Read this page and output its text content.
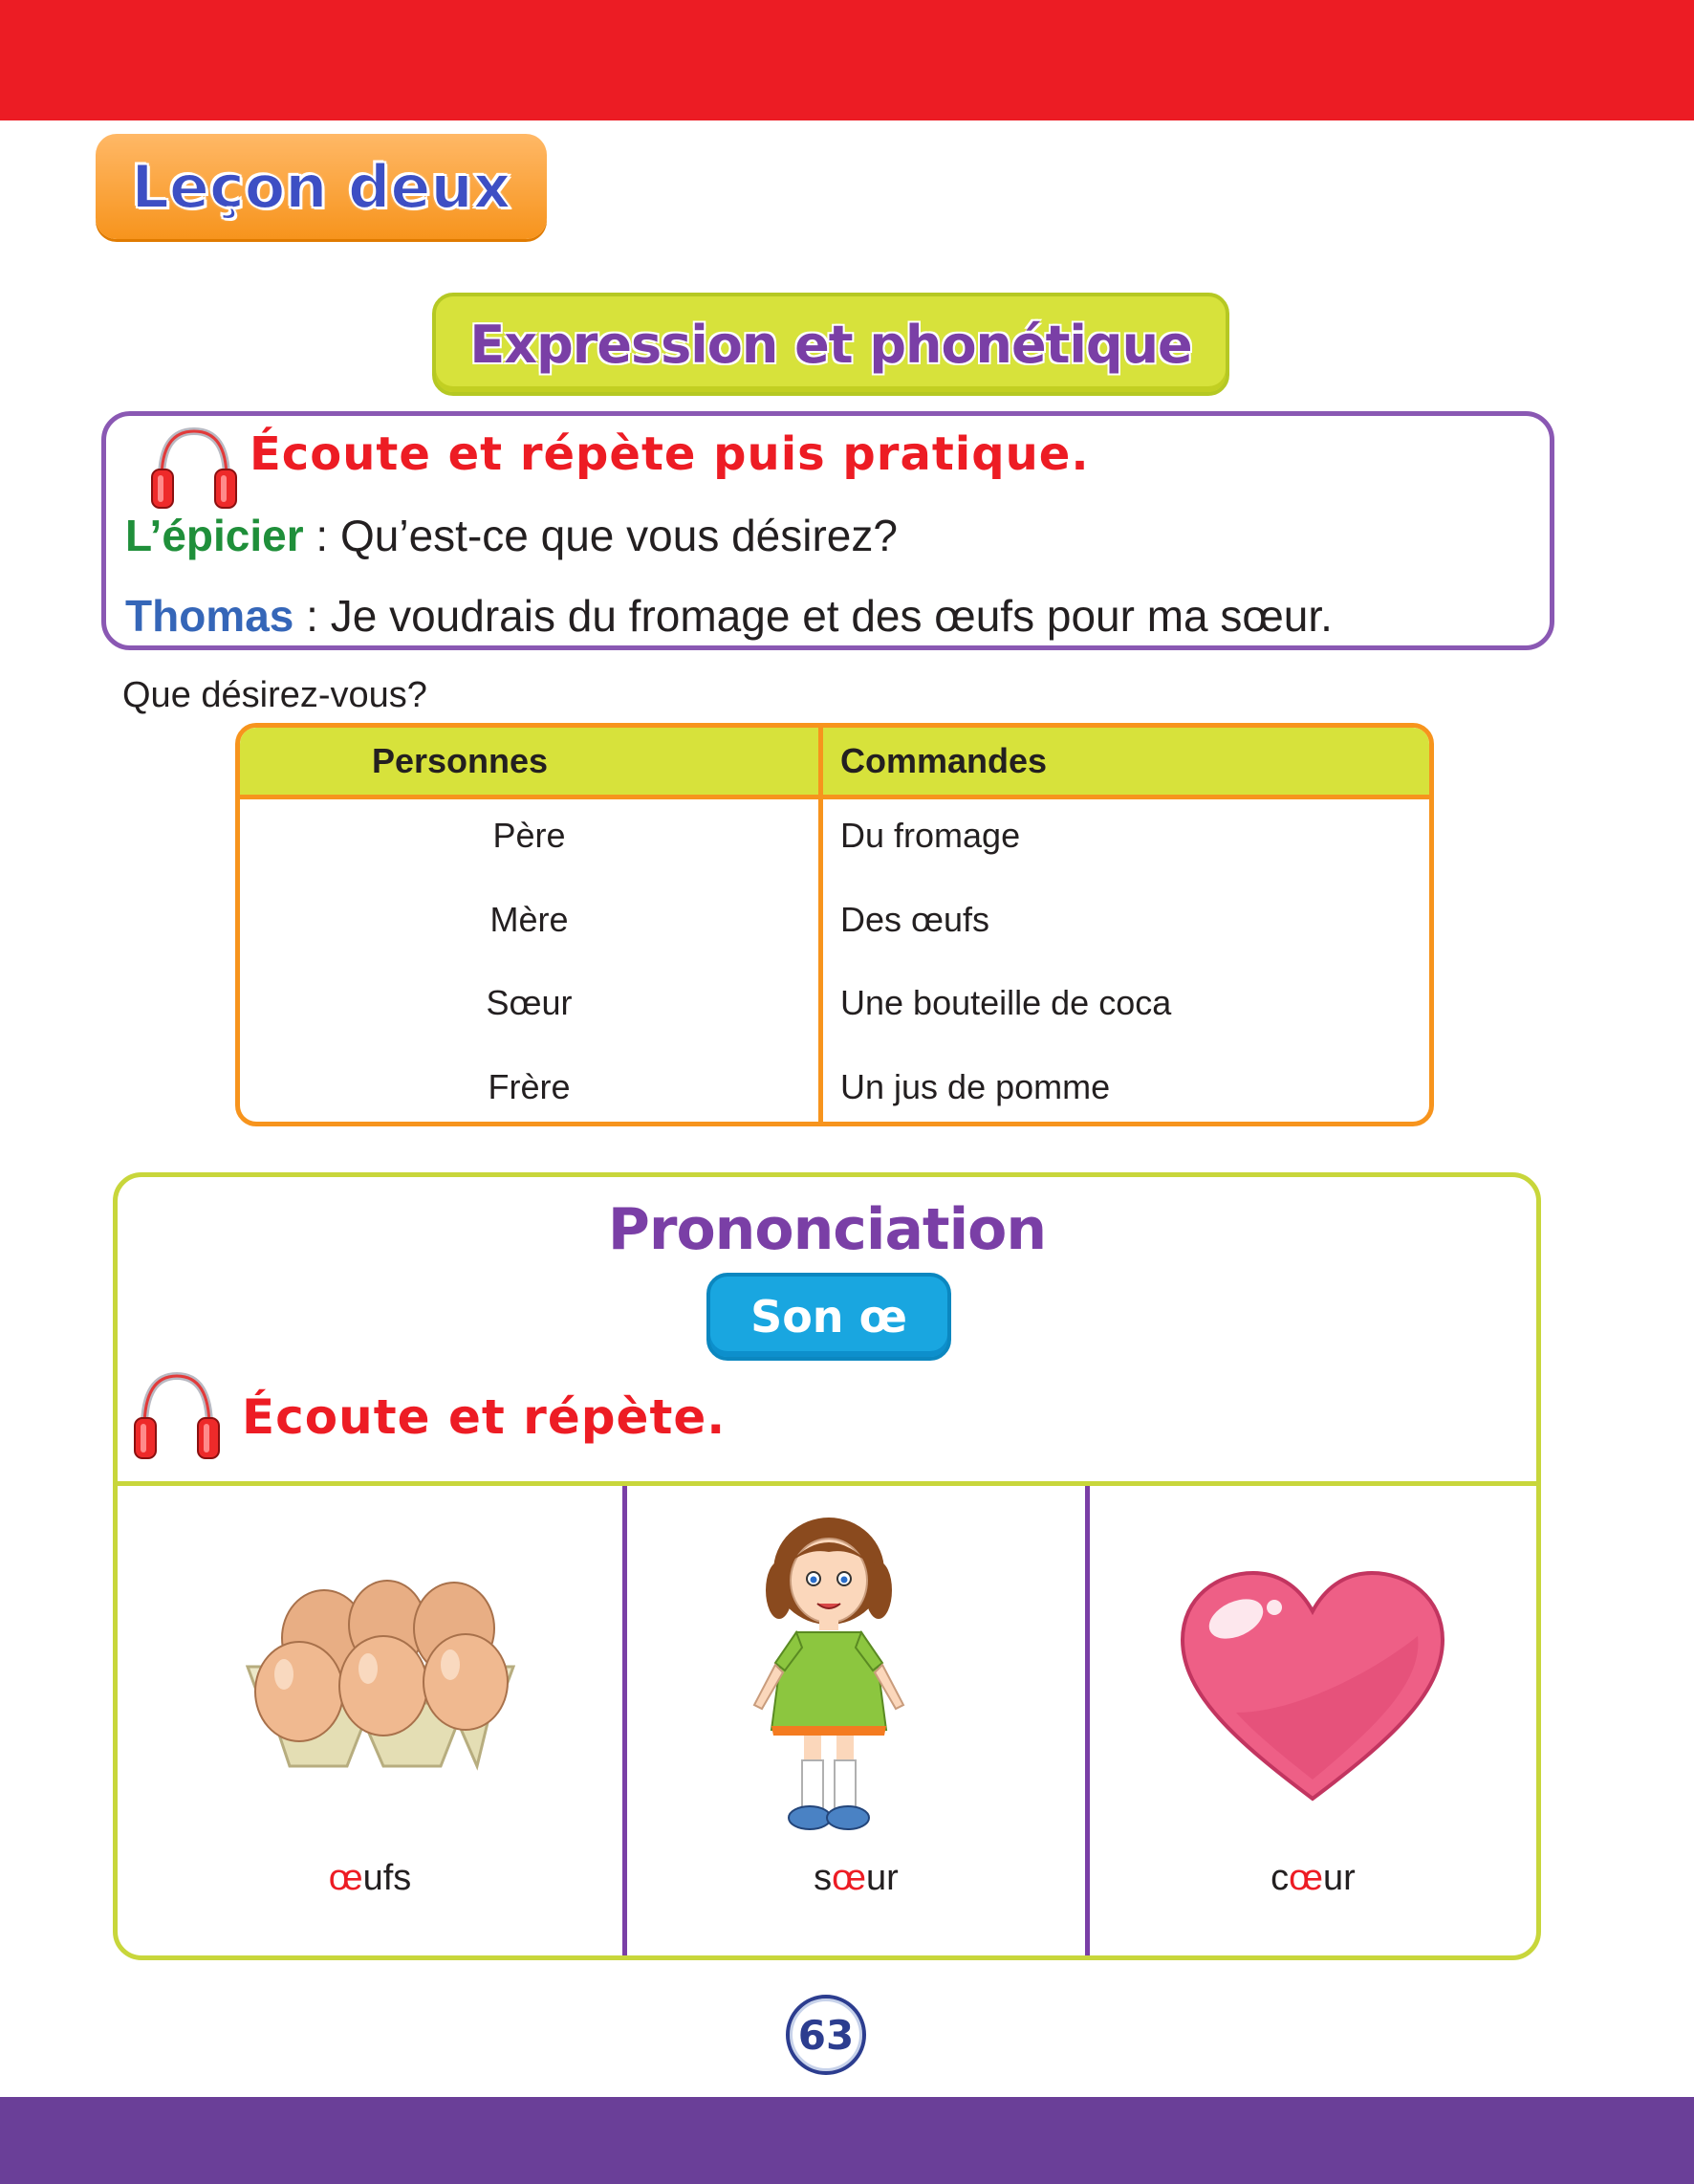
Leçon deux
Expression et phonétique
Écoute et répète puis pratique.
L’épicier : Qu’est-ce que vous désirez?
Thomas : Je voudrais du fromage et des œufs pour ma sœur.
Que désirez-vous?
Personnes	Commandes
Père	Du fromage
Mère	Des œufs
Sœur	Une bouteille de coca
Frère	Un jus de pomme
Prononciation
Son œ
Écoute et répète.
œufs	sœur	cœur
63
